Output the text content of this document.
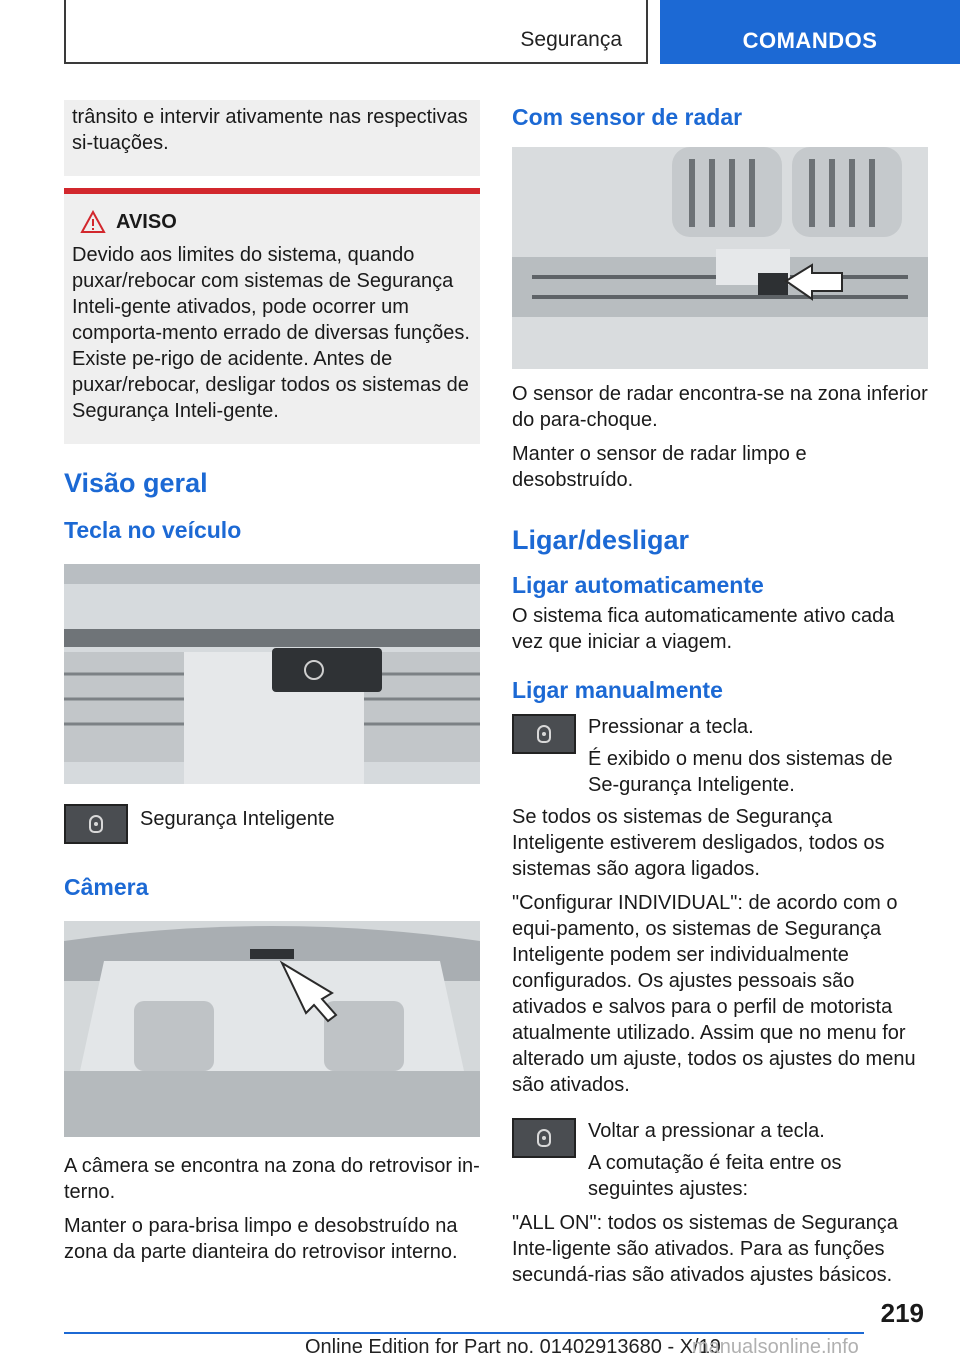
Segurança	COMANDOS

trânsito e intervir ativamente nas respectivas si-tuações.

AVISO

Devido aos limites do sistema, quando puxar/rebocar com sistemas de Segurança Inteli-gente ativados, pode ocorrer um comporta-mento errado de diversas funções. Existe pe-rigo de acidente. Antes de puxar/rebocar, desligar todos os sistemas de Segurança Inteli-gente.

Visão geral
Tecla no veículo

Segurança Inteligente

Câmera

A câmera se encontra na zona do retrovisor in-terno.

Manter o para-brisa limpo e desobstruído na zona da parte dianteira do retrovisor interno.

Com sensor de radar

O sensor de radar encontra-se na zona inferior do para-choque.

Manter o sensor de radar limpo e desobstruído.

Ligar/desligar
Ligar automaticamente

O sistema fica automaticamente ativo cada vez que iniciar a viagem.

Ligar manualmente

Pressionar a tecla.

É exibido o menu dos sistemas de Se-gurança Inteligente.

Se todos os sistemas de Segurança Inteligente estiverem desligados, todos os sistemas são agora ligados.

"Configurar INDIVIDUAL": de acordo com o equi-pamento, os sistemas de Segurança Inteligente podem ser individualmente configurados. Os ajustes pessoais são ativados e salvos para o perfil de motorista atualmente utilizado. Assim que no menu for alterado um ajuste, todos os ajustes do menu são ativados.

Voltar a pressionar a tecla.

A comutação é feita entre os seguintes ajustes:

"ALL ON": todos os sistemas de Segurança Inte-ligente são ativados. Para as funções secundá-rias são ativados ajustes básicos.

219
Online Edition for Part no. 01402913680 - X/19
manualsonline.info
